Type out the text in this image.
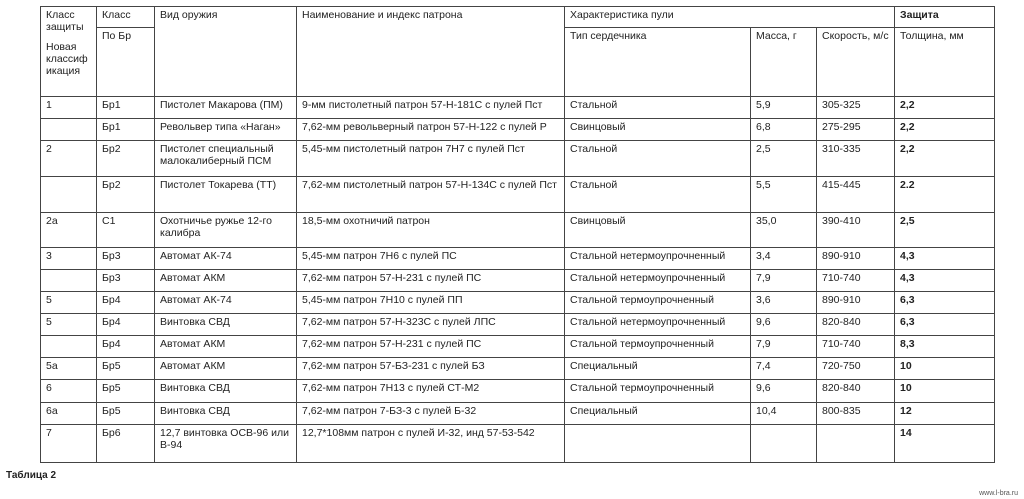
Класс защиты
Новая классиф икация	Класс	Вид оружия	Наименование и индекс патрона	Характеристика пули			Защита
	По Бр			Тип сердечника	Масса, г	Скорость, м/с	Толщина, мм
1	Бр1	Пистолет Макарова (ПМ)	9-мм пистолетный патрон 57-Н-181С с пулей Пст	Стальной	5,9	305-325	2,2
	Бр1	Револьвер типа «Наган»	7,62-мм револьверный патрон 57-Н-122 с пулей Р	Свинцовый	6,8	275-295	2,2
2	Бр2	Пистолет специальный малокалиберный ПСМ	5,45-мм пистолетный патрон 7Н7 с пулей Пст	Стальной	2,5	310-335	2,2
	Бр2	Пистолет Токарева (ТТ)	7,62-мм пистолетный патрон 57-Н-134С с пулей Пст	Стальной	5,5	415-445	2.2
2а	С1	Охотничье ружье 12-го калибра	18,5-мм охотничий патрон	Свинцовый	35,0	390-410	2,5
3	Бр3	Автомат АК-74	5,45-мм патрон 7Н6 с пулей ПС	Стальной нетермоупрочненный	3,4	890-910	4,3
	Бр3	Автомат АКМ	7,62-мм патрон 57-Н-231 с пулей ПС	Стальной нетермоупрочненный	7,9	710-740	4,3
5	Бр4	Автомат АК-74	5,45-мм патрон 7Н10 с пулей ПП	Стальной термоупрочненный	3,6	890-910	6,3
5	Бр4	Винтовка СВД	7,62-мм патрон 57-Н-323С с пулей ЛПС	Стальной нетермоупрочненный	9,6	820-840	6,3
	Бр4	Автомат АКМ	7,62-мм патрон 57-Н-231 с пулей ПС	Стальной термоупрочненный	7,9	710-740	8,3
5а	Бр5	Автомат АКМ	7,62-мм патрон 57-БЗ-231 с пулей БЗ	Специальный	7,4	720-750	10
6	Бр5	Винтовка СВД	7,62-мм патрон 7Н13 с пулей СТ-М2	Стальной термоупрочненный	9,6	820-840	10
6а	Бр5	Винтовка СВД	7,62-мм патрон 7-БЗ-3 с пулей Б-32	Специальный	10,4	800-835	12
7	Бр6	12,7 винтовка ОСВ-96 или В-94	12,7*108мм патрон с пулей И-32, инд 57-53-542				14
Таблица 2
www.l-bra.ru
